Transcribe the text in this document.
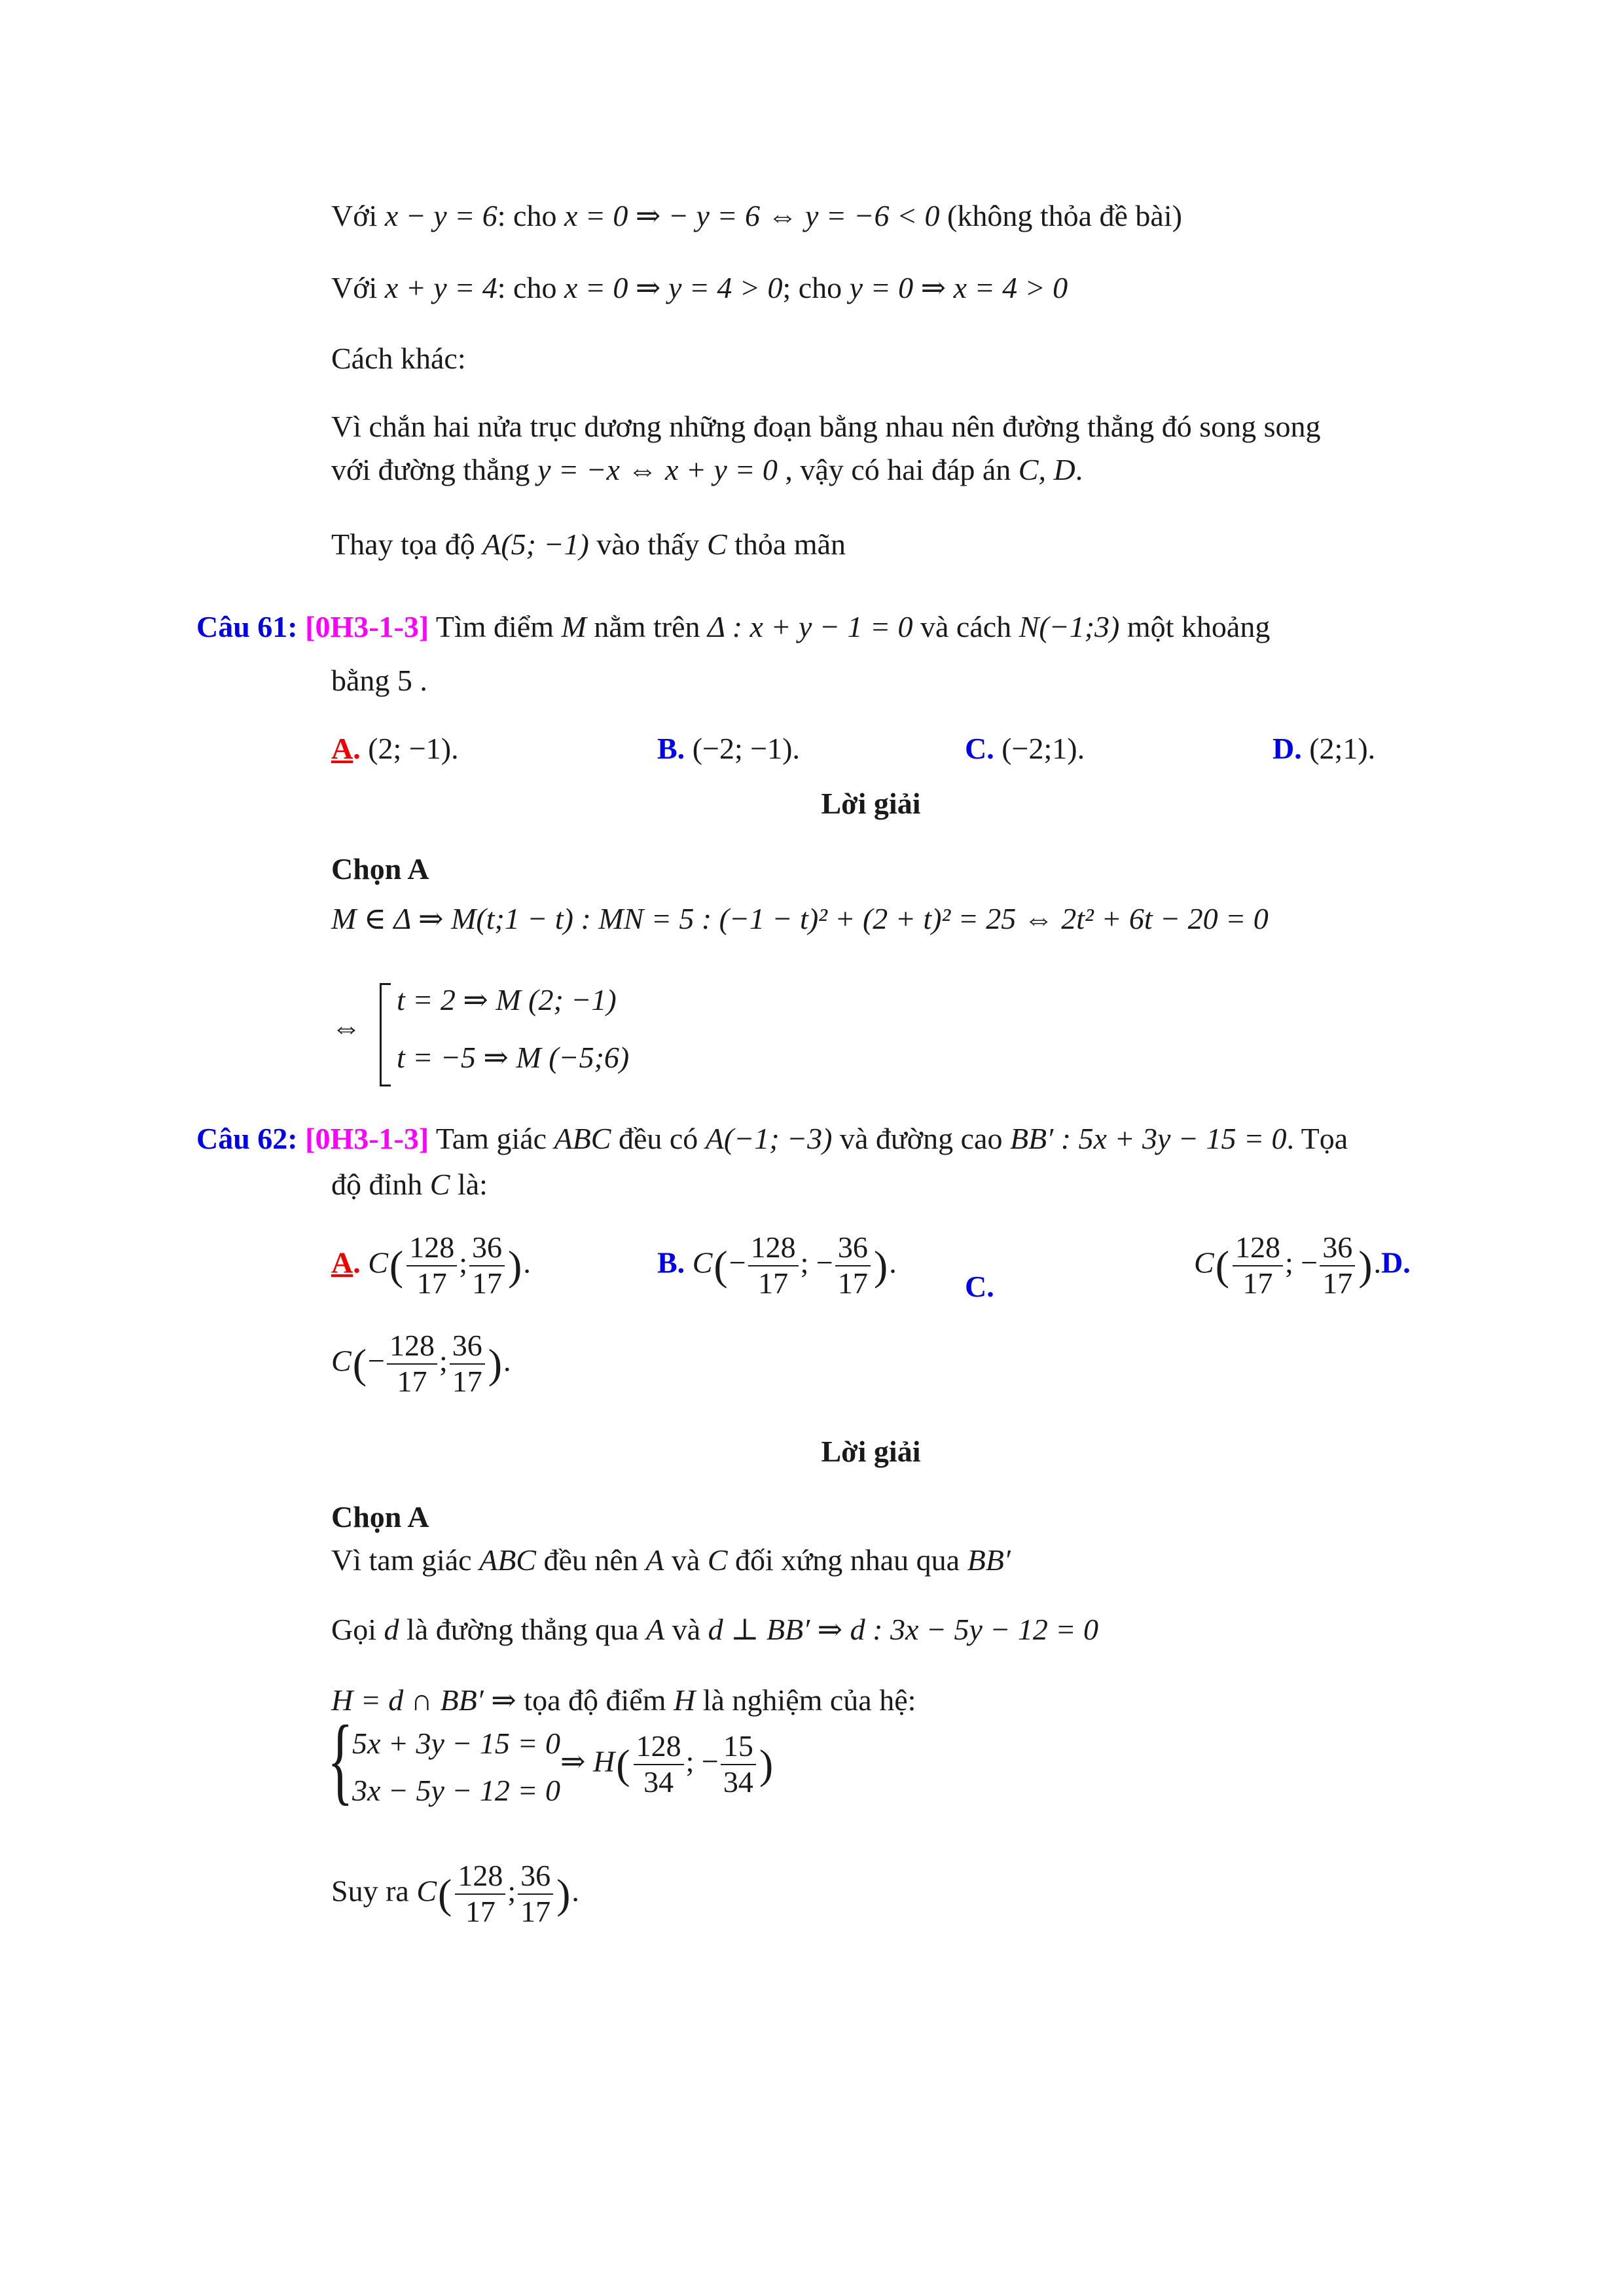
Với x − y = 6: cho x = 0 ⇒ − y = 6 ⇔ y = −6 < 0 (không thỏa đề bài)
Với x + y = 4: cho x = 0 ⇒ y = 4 > 0; cho y = 0 ⇒ x = 4 > 0
Cách khác:
Vì chắn hai nửa trục dương những đoạn bằng nhau nên đường thẳng đó song song
với đường thẳng y = −x ⇔ x + y = 0 , vậy có hai đáp án C, D.
Thay tọa độ A(5; −1) vào thấy C thỏa mãn
Câu 61: [0H3-1-3] Tìm điểm M nằm trên Δ : x + y − 1 = 0 và cách N(−1;3) một khoảng
bằng 5 .
A. (2; −1).	B. (−2; −1).	C. (−2;1).	D. (2;1).
Lời giải
Chọn A
M ∈ Δ ⇒ M(t;1 − t) : MN = 5 : (−1 − t)² + (2 + t)² = 25 ⇔ 2t² + 6t − 20 = 0
⇔
t = 2 ⇒ M (2; −1)
t = −5 ⇒ M (−5;6)
Câu 62: [0H3-1-3] Tam giác ABC đều có A(−1; −3) và đường cao BB′ : 5x + 3y − 15 = 0. Tọa
độ đỉnh C là:
A. $C( \frac{128}{17}$ ; $\frac{36}{17}$ ).	B. $C(- \frac{128}{17}$ ; − $\frac{36}{17}$ ).
C.
$C( \frac{128}{17}$ ; − $\frac{36}{17} ).D$.
$C(- \frac{128}{17}$ ; $\frac{36}{17}$ ).
Lời giải
Chọn A
Vì tam giác ABC đều nên A và C đối xứng nhau qua BB′
Gọi d là đường thẳng qua A và d ⊥ BB′ ⇒ d : 3x − 5y − 12 = 0
H = d ∩ BB′ ⇒ tọa độ điểm H là nghiệm của hệ:
{
5x + 3y − 15 = 0
3x − 5y − 12 = 0
⇒ $H( \frac{128}{34}$ ; − $\frac{15}{34}$ )
Suy ra $C( \frac{128}{17}$ ; $\frac{36}{17}$ ).
